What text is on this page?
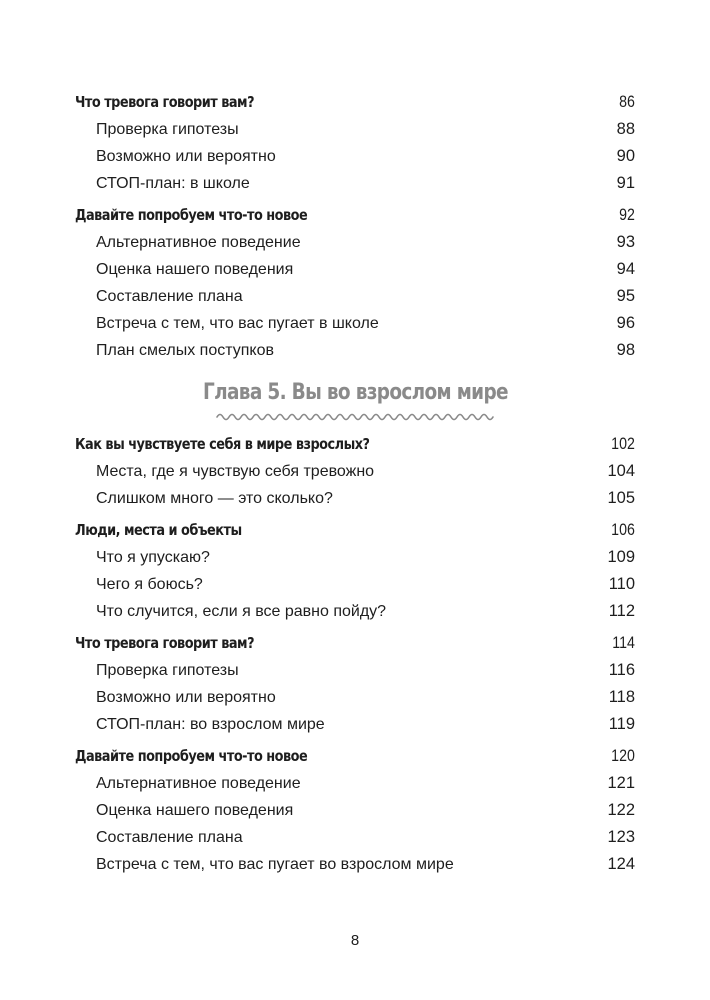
Что тревога говорит вам?	86
Проверка гипотезы	88
Возможно или вероятно	90
СТОП-план: в школе	91
Давайте попробуем что-то новое	92
Альтернативное поведение	93
Оценка нашего поведения	94
Составление плана	95
Встреча с тем, что вас пугает в школе	96
План смелых поступков	98
Глава 5. Вы во взрослом мире
Как вы чувствуете себя в мире взрослых?	102
Места, где я чувствую себя тревожно	104
Слишком много — это сколько?	105
Люди, места и объекты	106
Что я упускаю?	109
Чего я боюсь?	110
Что случится, если я все равно пойду?	112
Что тревога говорит вам?	114
Проверка гипотезы	116
Возможно или вероятно	118
СТОП-план: во взрослом мире	119
Давайте попробуем что-то новое	120
Альтернативное поведение	121
Оценка нашего поведения	122
Составление плана	123
Встреча с тем, что вас пугает во взрослом мире	124
8
